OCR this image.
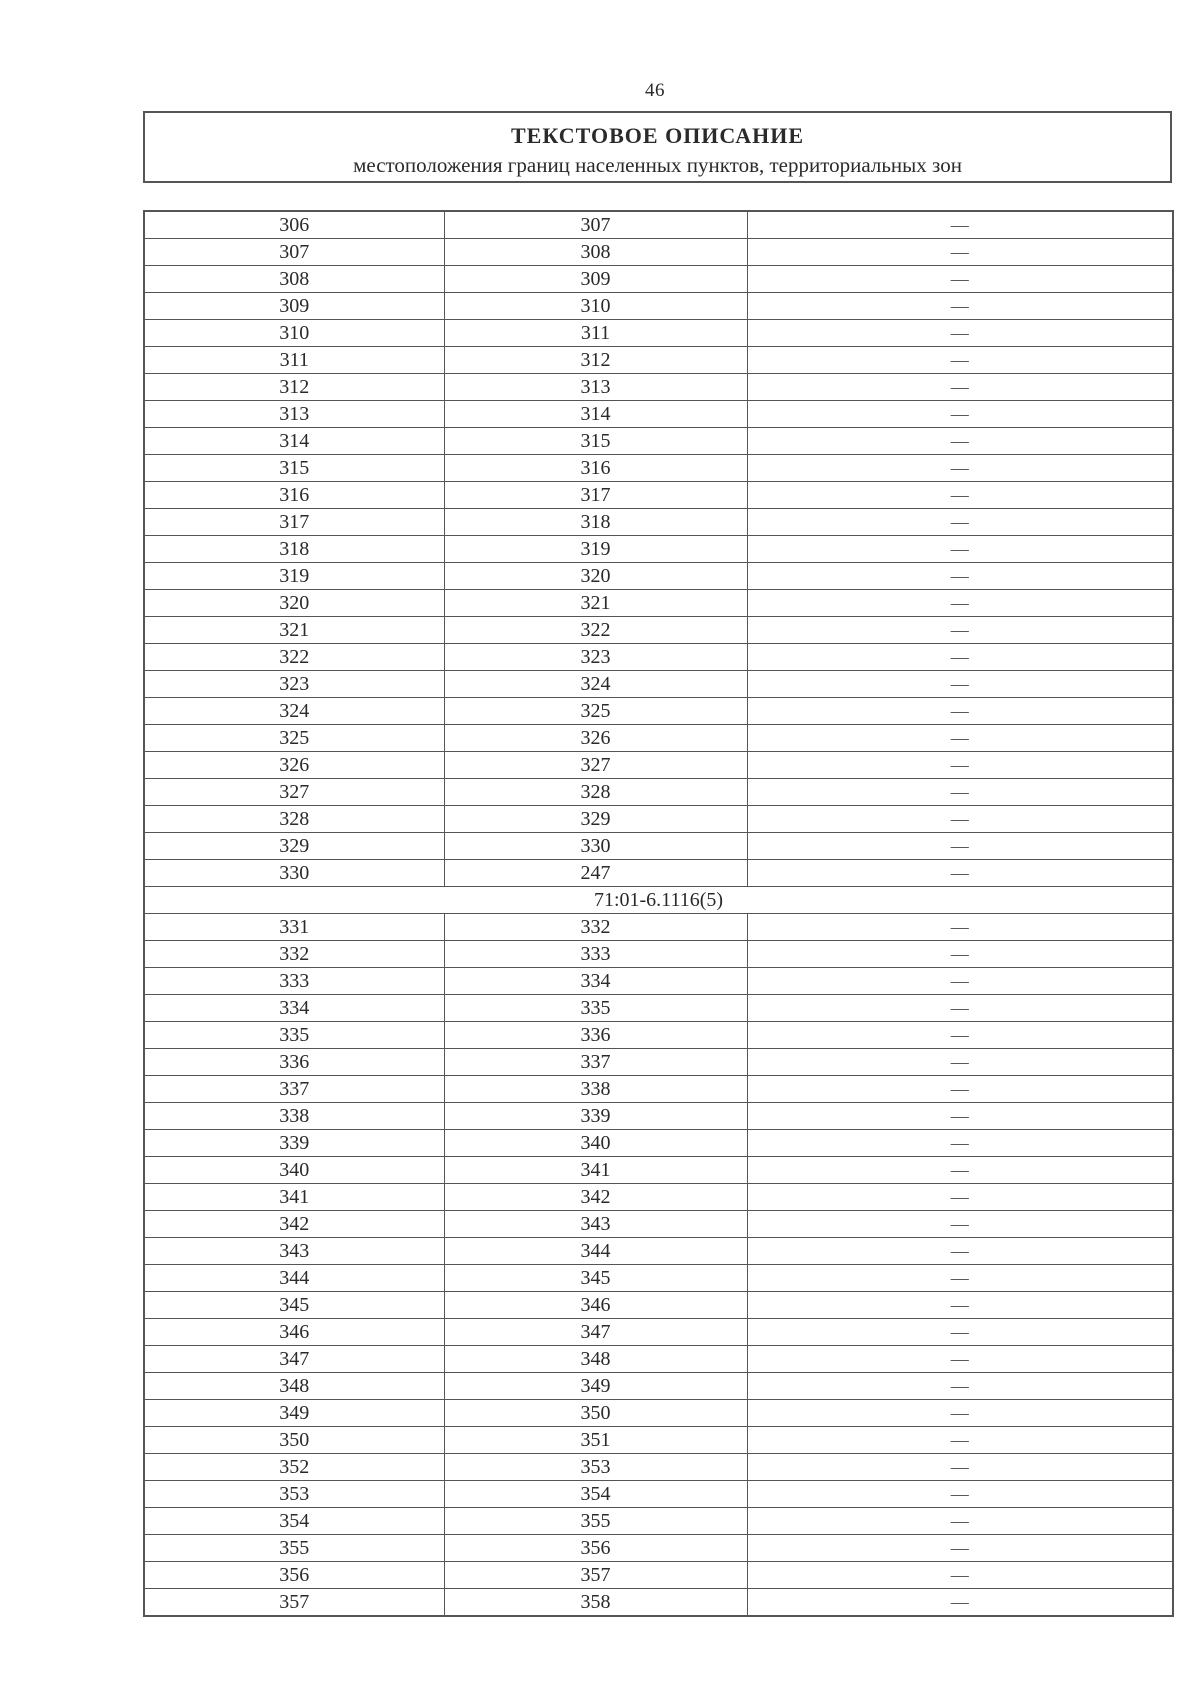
46
ТЕКСТОВОЕ ОПИСАНИЕ
местоположения границ населенных пунктов, территориальных зон
306	307	—
307	308	—
308	309	—
309	310	—
310	311	—
311	312	—
312	313	—
313	314	—
314	315	—
315	316	—
316	317	—
317	318	—
318	319	—
319	320	—
320	321	—
321	322	—
322	323	—
323	324	—
324	325	—
325	326	—
326	327	—
327	328	—
328	329	—
329	330	—
330	247	—
71:01-6.1116(5)		
331	332	—
332	333	—
333	334	—
334	335	—
335	336	—
336	337	—
337	338	—
338	339	—
339	340	—
340	341	—
341	342	—
342	343	—
343	344	—
344	345	—
345	346	—
346	347	—
347	348	—
348	349	—
349	350	—
350	351	—
352	353	—
353	354	—
354	355	—
355	356	—
356	357	—
357	358	—
